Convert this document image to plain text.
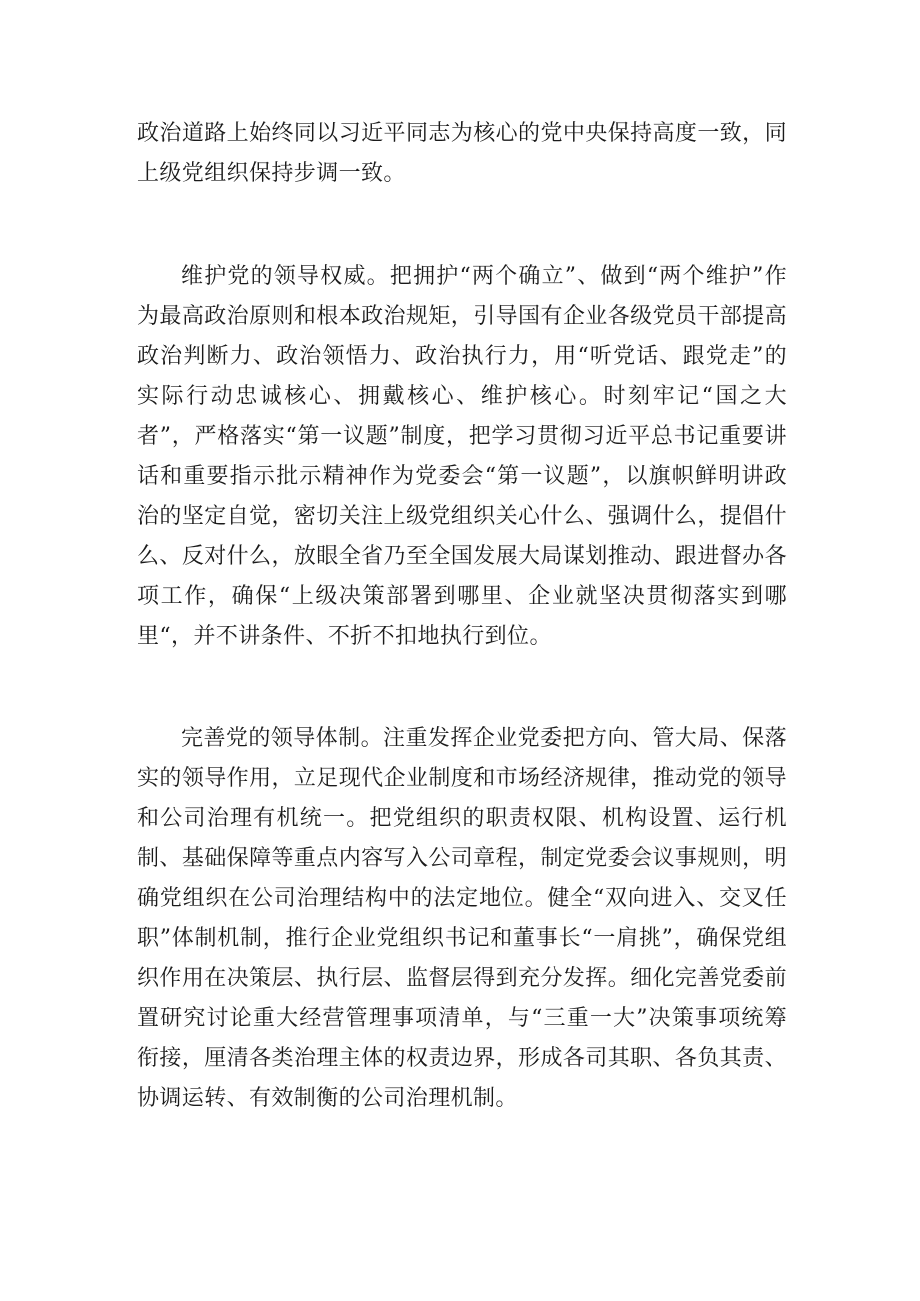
政治道路上始终同以习近平同志为核心的党中央保持高度一致，同上级党组织保持步调一致。

维护党的领导权威。把拥护“两个确立”、做到“两个维护”作为最高政治原则和根本政治规矩，引导国有企业各级党员干部提高政治判断力、政治领悟力、政治执行力，用“听党话、跟党走”的实际行动忠诚核心、拥戴核心、维护核心。时刻牢记“国之大者”，严格落实“第一议题”制度，把学习贯彻习近平总书记重要讲话和重要指示批示精神作为党委会“第一议题”，以旗帜鲜明讲政治的坚定自觉，密切关注上级党组织关心什么、强调什么，提倡什么、反对什么，放眼全省乃至全国发展大局谋划推动、跟进督办各项工作，确保“上级决策部署到哪里、企业就坚决贯彻落实到哪里“，并不讲条件、不折不扣地执行到位。

完善党的领导体制。注重发挥企业党委把方向、管大局、保落实的领导作用，立足现代企业制度和市场经济规律，推动党的领导和公司治理有机统一。把党组织的职责权限、机构设置、运行机制、基础保障等重点内容写入公司章程，制定党委会议事规则，明确党组织在公司治理结构中的法定地位。健全“双向进入、交叉任职”体制机制，推行企业党组织书记和董事长“一肩挑”，确保党组织作用在决策层、执行层、监督层得到充分发挥。细化完善党委前置研究讨论重大经营管理事项清单，与“三重一大”决策事项统筹衔接，厘清各类治理主体的权责边界，形成各司其职、各负其责、协调运转、有效制衡的公司治理机制。
